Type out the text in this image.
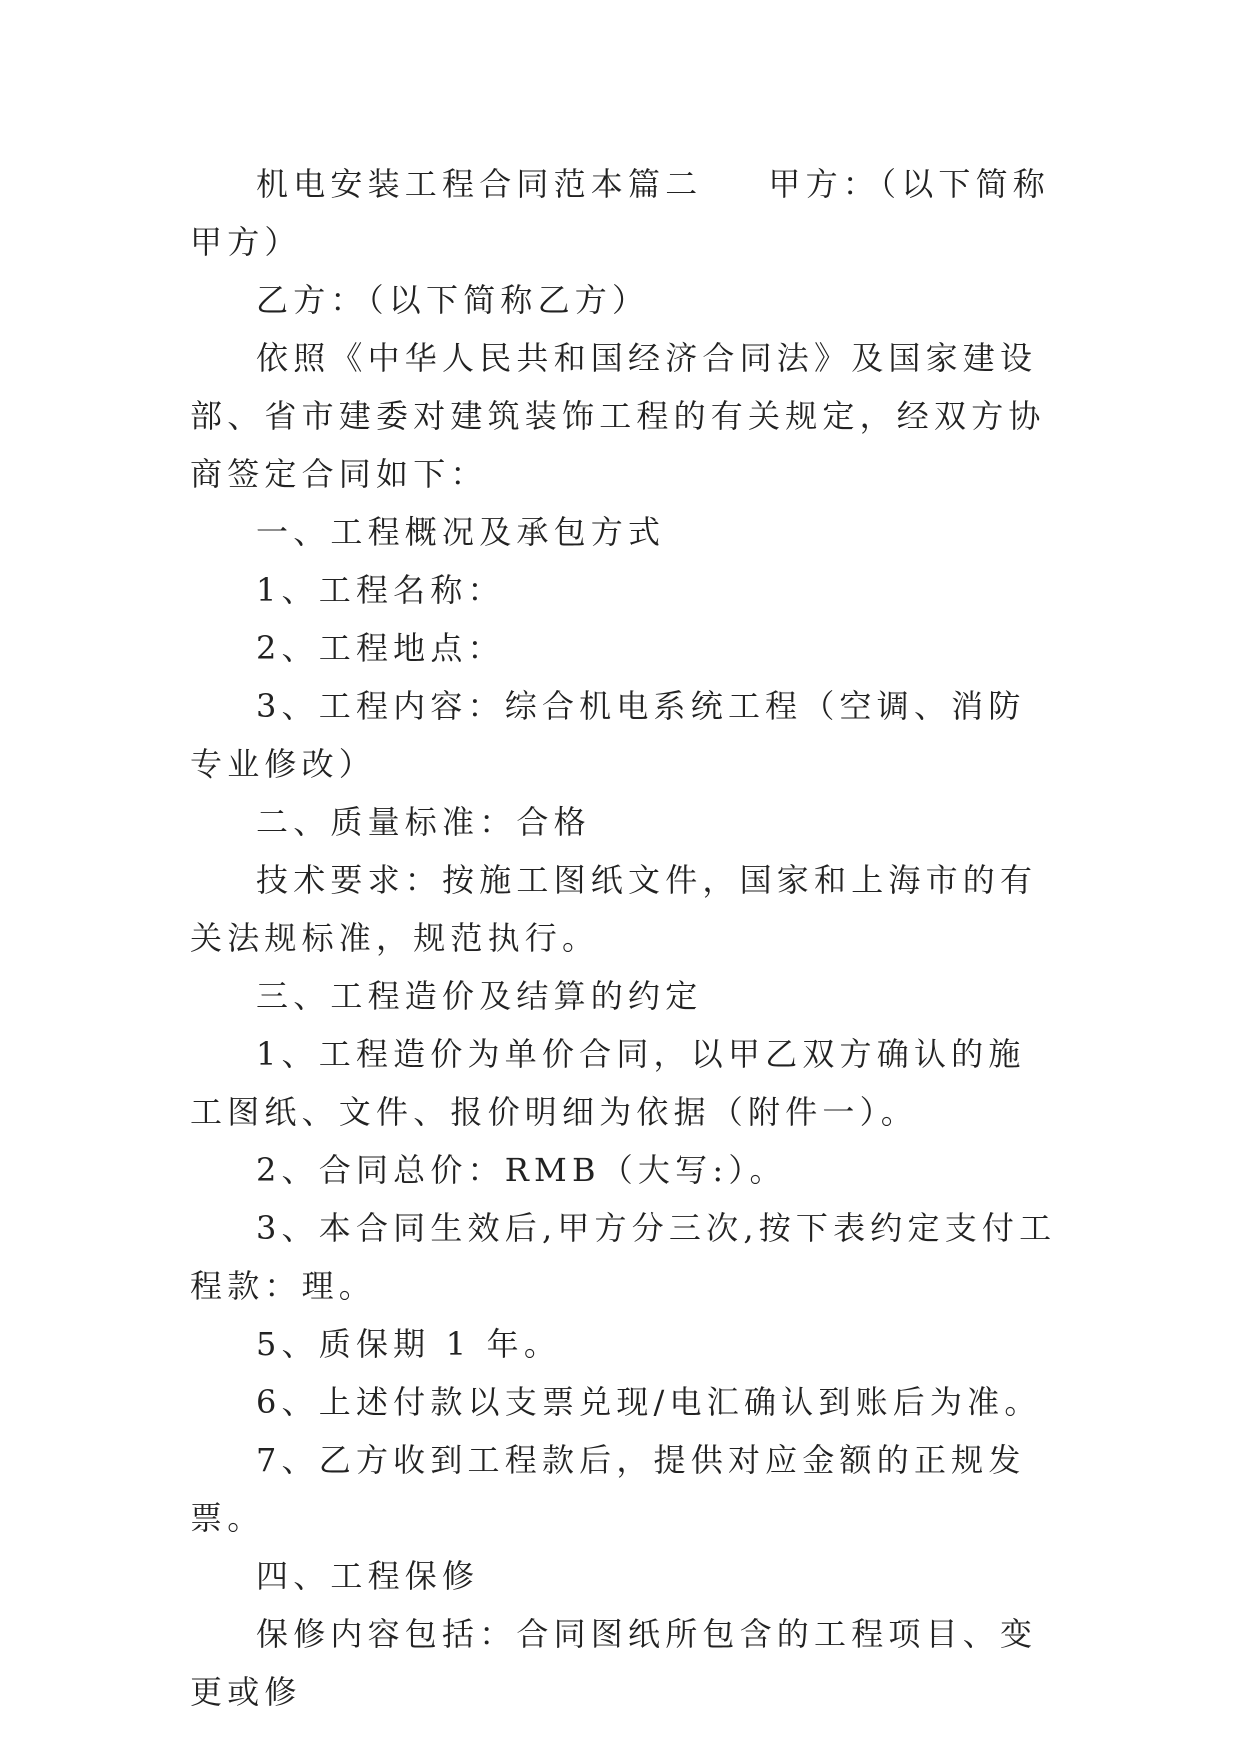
机电安装工程合同范本篇二 甲方：（以下简称甲方）

乙方：（以下简称乙方）

依照《中华人民共和国经济合同法》及国家建设部、省市建委对建筑装饰工程的有关规定，经双方协商签定合同如下：

一、工程概况及承包方式

1、工程名称：

2、工程地点：

3、工程内容：综合机电系统工程（空调、消防专业修改）

二、质量标准：合格

技术要求：按施工图纸文件，国家和上海市的有关法规标准，规范执行。

三、工程造价及结算的约定

1、工程造价为单价合同，以甲乙双方确认的施工图纸、文件、报价明细为依据（附件一）。

2、合同总价：RMB（大写:）。

3、本合同生效后,甲方分三次,按下表约定支付工程款：理。

5、质保期 1 年。

6、上述付款以支票兑现/电汇确认到账后为准。

7、乙方收到工程款后，提供对应金额的正规发票。

四、工程保修

保修内容包括：合同图纸所包含的工程项目、变更或修
